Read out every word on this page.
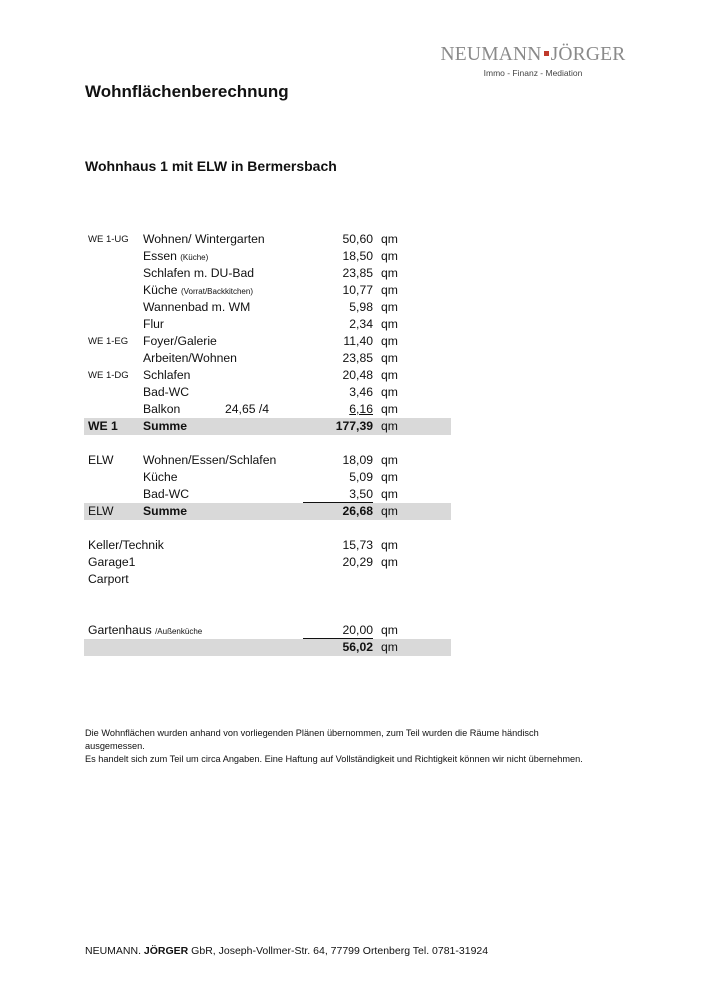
NEUMANN JÖRGER
Immo - Finanz - Mediation
Wohnflächenberechnung
Wohnhaus 1 mit ELW in Bermersbach
WE 1-UG Wohnen/ Wintergarten	50,60 qm
Essen (Küche)	18,50 qm
Schlafen m. DU-Bad	23,85 qm
Küche (Vorrat/Backkitchen)	10,77 qm
Wannenbad m. WM	5,98 qm
Flur	2,34 qm
WE 1-EG Foyer/Galerie	11,40 qm
Arbeiten/Wohnen	23,85 qm
WE 1-DG Schlafen	20,48 qm
Bad-WC	3,46 qm
Balkon	24,65 /4	6,16 qm
WE 1 Summe	177,39 qm
ELW Wohnen/Essen/Schlafen	18,09 qm
Küche	5,09 qm
Bad-WC	3,50 qm
ELW Summe	26,68 qm
Keller/Technik	15,73 qm
Garage1	20,29 qm
Carport
Gartenhaus /Außenküche	20,00 qm
56,02 qm

Die Wohnflächen wurden anhand von vorliegenden Plänen übernommen, zum Teil wurden die Räume händisch ausgemessen.

Es handelt sich zum Teil um circa Angaben. Eine Haftung auf Vollständigkeit und Richtigkeit können wir nicht übernehmen.

NEUMANN. JÖRGER GbR, Joseph-Vollmer-Str. 64, 77799 Ortenberg Tel. 0781-31924
